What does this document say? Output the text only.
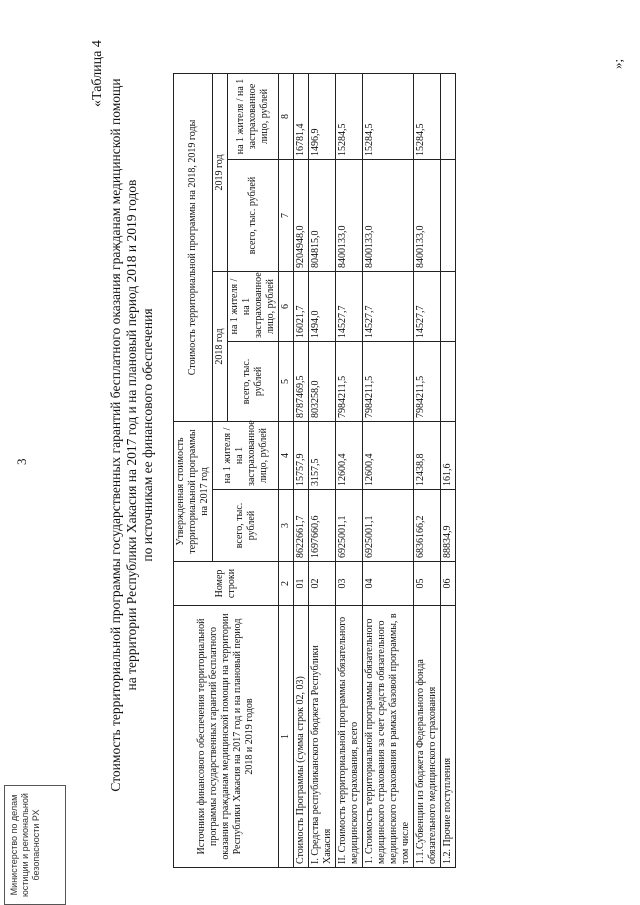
3
«Таблица 4
Стоимость территориальной программы государственных гарантий бесплатного оказания гражданам медицинской помощи на территории Республики Хакасия на 2017 год и на плановый период 2018 и 2019 годов по источникам ее финансового обеспечения
Источники финансового обеспечения территориальной программы государственных гарантий бесплатного оказания гражданам медицинской помощи на территории Республики Хакасия на 2017 год и на плановый период 2018 и 2019 годов	Номер строки	Утвержденная стоимость территориальной программы на 2017 год		Стоимость территориальной программы на 2018, 2019 годы			
		всего, тыс. рублей	на 1 жителя / на 1 застрахованное лицо, рублей	2018 год		2019 год	
				всего, тыс. рублей	на 1 жителя / на 1 застрахованное лицо, рублей	всего, тыс. рублей	на 1 жителя / на 1 застрахованное лицо, рублей
1	2	3	4	5	6	7	8
Стоимость Программы (сумма строк 02, 03)	01	8622661,7	15757,9	8787469,5	16021,7	9204948,0	16781,4
I. Средства республиканского бюджета Республики Хакасия	02	1697660,6	3157,5	803258,0	1494,0	804815,0	1496,9
II. Стоимость территориальной программы обязательного медицинского страхования, всего	03	6925001,1	12600,4	7984211,5	14527,7	8400133,0	15284,5
1. Стоимость территориальной программы обязательного медицинского страхования за счет средств обязательного медицинского страхования в рамках базовой программы, в том числе	04	6925001,1	12600,4	7984211,5	14527,7	8400133,0	15284,5
1.1.Субвенции из бюджета Федерального фонда обязательного медицинского страхования	05	6836166,2	12438,8	7984211,5	14527,7	8400133,0	15284,5
1.2. Прочие поступления	06	88834,9	161,6				
»;
Министерство по делам юстиции и региональной безопасности РХ
